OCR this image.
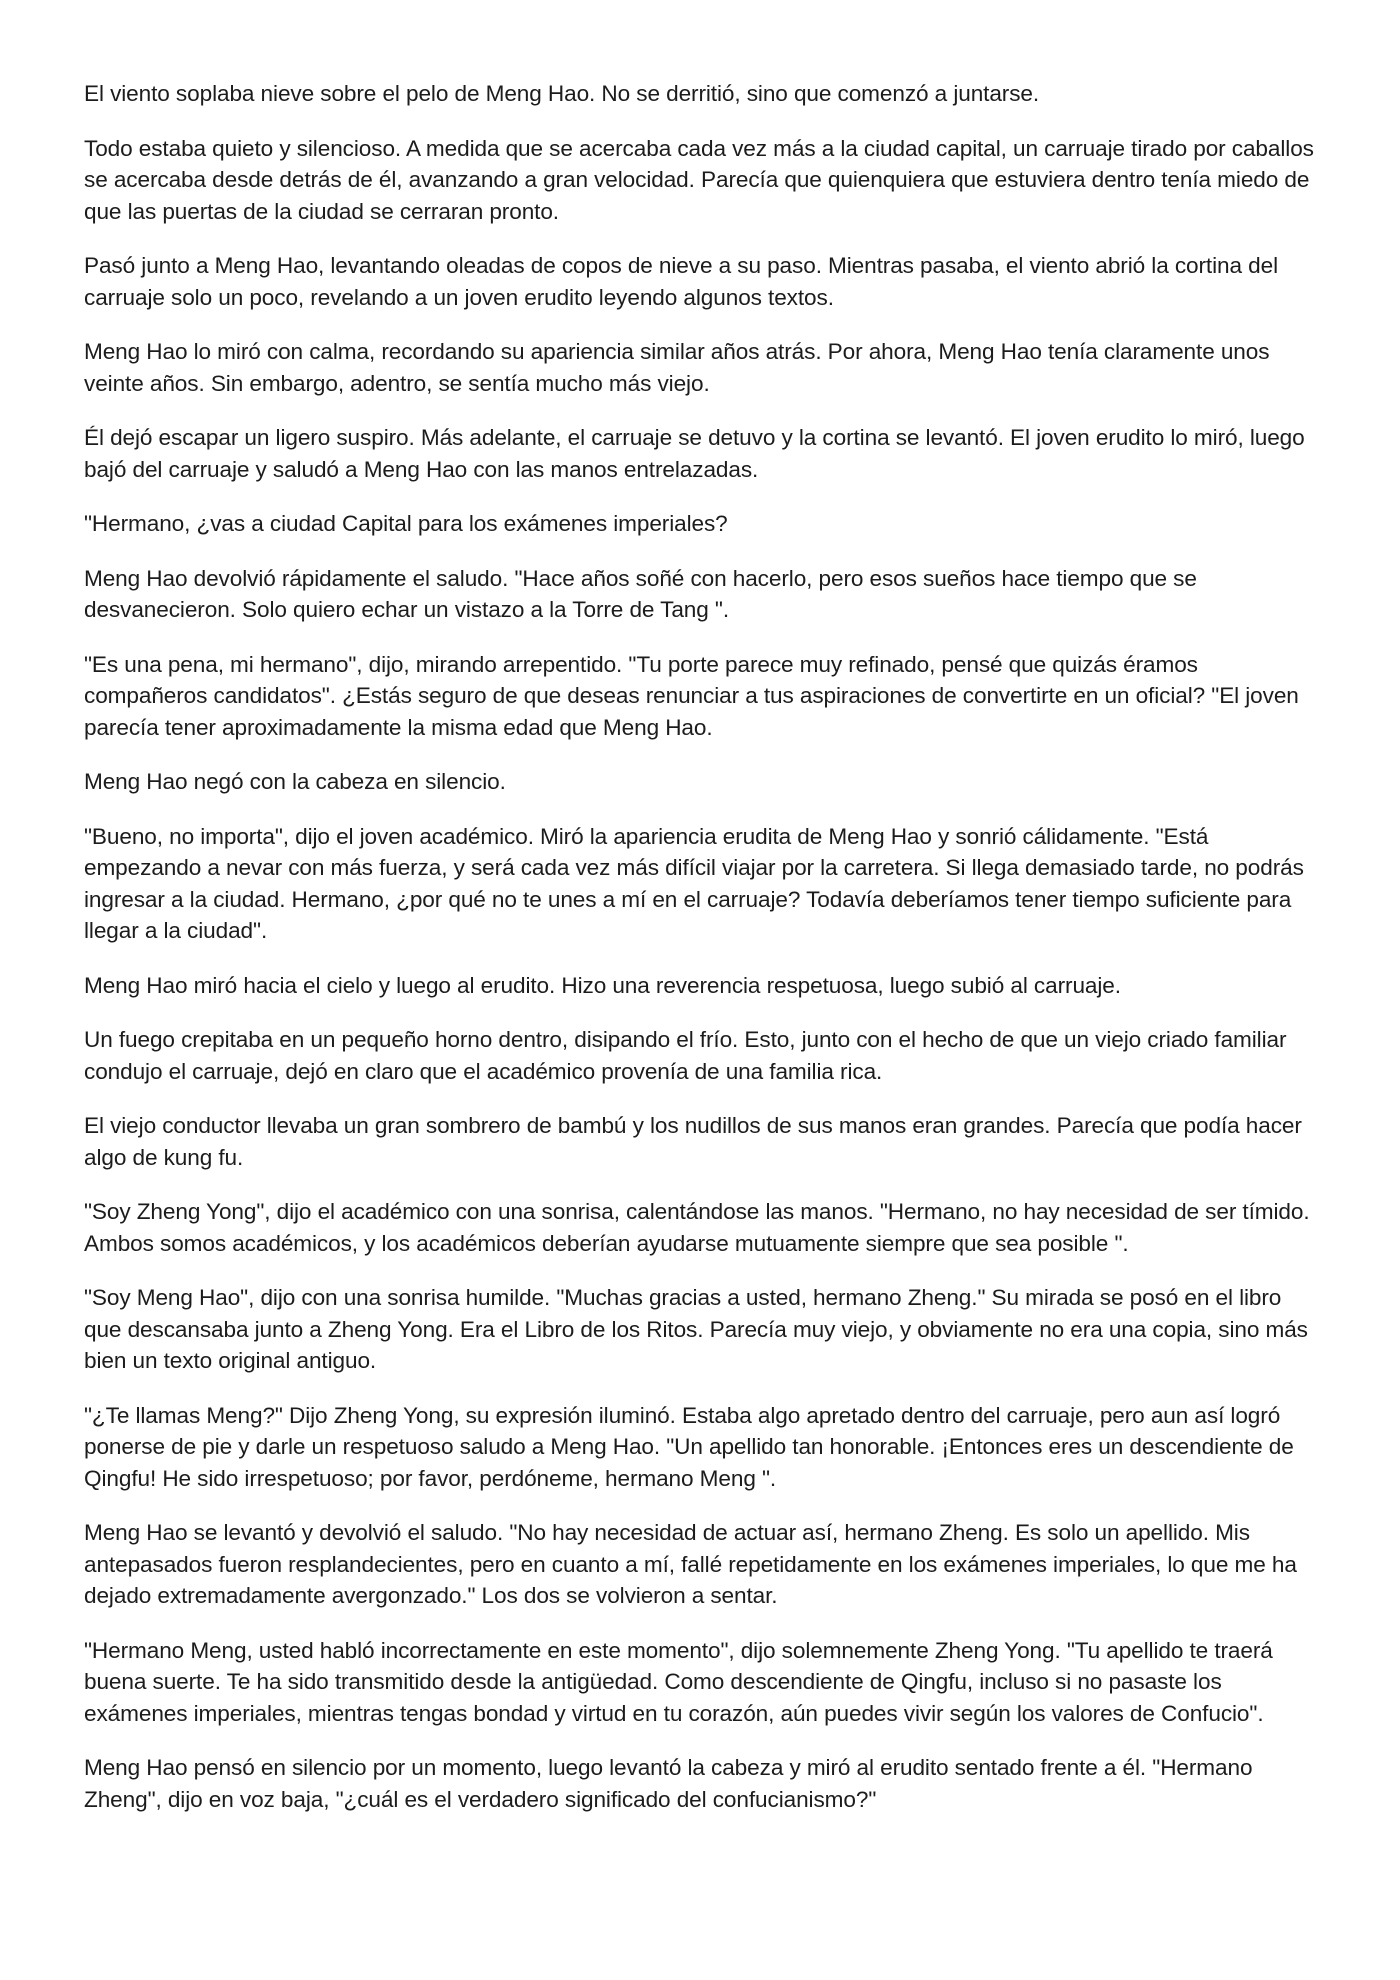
El viento soplaba nieve sobre el pelo de Meng Hao. No se derritió, sino que comenzó a juntarse.

Todo estaba quieto y silencioso. A medida que se acercaba cada vez más a la ciudad capital, un carruaje tirado por caballos se acercaba desde detrás de él, avanzando a gran velocidad. Parecía que quienquiera que estuviera dentro tenía miedo de que las puertas de la ciudad se cerraran pronto.

Pasó junto a Meng Hao, levantando oleadas de copos de nieve a su paso. Mientras pasaba, el viento abrió la cortina del carruaje solo un poco, revelando a un joven erudito leyendo algunos textos.

Meng Hao lo miró con calma, recordando su apariencia similar años atrás. Por ahora, Meng Hao tenía claramente unos veinte años. Sin embargo, adentro, se sentía mucho más viejo.

Él dejó escapar un ligero suspiro. Más adelante, el carruaje se detuvo y la cortina se levantó. El joven erudito lo miró, luego bajó del carruaje y saludó a Meng Hao con las manos entrelazadas.

"Hermano, ¿vas a ciudad Capital para los exámenes imperiales?

Meng Hao devolvió rápidamente el saludo. "Hace años soñé con hacerlo, pero esos sueños hace tiempo que se desvanecieron. Solo quiero echar un vistazo a la Torre de Tang ".

"Es una pena, mi hermano", dijo, mirando arrepentido. "Tu porte parece muy refinado, pensé que quizás éramos compañeros candidatos". ¿Estás seguro de que deseas renunciar a tus aspiraciones de convertirte en un oficial? "El joven parecía tener aproximadamente la misma edad que Meng Hao.

Meng Hao negó con la cabeza en silencio.

"Bueno, no importa", dijo el joven académico. Miró la apariencia erudita de Meng Hao y sonrió cálidamente. "Está empezando a nevar con más fuerza, y será cada vez más difícil viajar por la carretera. Si llega demasiado tarde, no podrás ingresar a la ciudad. Hermano, ¿por qué no te unes a mí en el carruaje? Todavía deberíamos tener tiempo suficiente para llegar a la ciudad".

Meng Hao miró hacia el cielo y luego al erudito. Hizo una reverencia respetuosa, luego subió al carruaje.

Un fuego crepitaba en un pequeño horno dentro, disipando el frío. Esto, junto con el hecho de que un viejo criado familiar condujo el carruaje, dejó en claro que el académico provenía de una familia rica.

El viejo conductor llevaba un gran sombrero de bambú y los nudillos de sus manos eran grandes. Parecía que podía hacer algo de kung fu.

"Soy Zheng Yong", dijo el académico con una sonrisa, calentándose las manos. "Hermano, no hay necesidad de ser tímido. Ambos somos académicos, y los académicos deberían ayudarse mutuamente siempre que sea posible ".

"Soy Meng Hao", dijo con una sonrisa humilde. "Muchas gracias a usted, hermano Zheng." Su mirada se posó en el libro que descansaba junto a Zheng Yong. Era el Libro de los Ritos. Parecía muy viejo, y obviamente no era una copia, sino más bien un texto original antiguo.

"¿Te llamas Meng?" Dijo Zheng Yong, su expresión iluminó. Estaba algo apretado dentro del carruaje, pero aun así logró ponerse de pie y darle un respetuoso saludo a Meng Hao. "Un apellido tan honorable. ¡Entonces eres un descendiente de Qingfu! He sido irrespetuoso; por favor, perdóneme, hermano Meng ".

Meng Hao se levantó y devolvió el saludo. "No hay necesidad de actuar así, hermano Zheng. Es solo un apellido. Mis antepasados fueron resplandecientes, pero en cuanto a mí, fallé repetidamente en los exámenes imperiales, lo que me ha dejado extremadamente avergonzado." Los dos se volvieron a sentar.

"Hermano Meng, usted habló incorrectamente en este momento", dijo solemnemente Zheng Yong. "Tu apellido te traerá buena suerte. Te ha sido transmitido desde la antigüedad. Como descendiente de Qingfu, incluso si no pasaste los exámenes imperiales, mientras tengas bondad y virtud en tu corazón, aún puedes vivir según los valores de Confucio".

Meng Hao pensó en silencio por un momento, luego levantó la cabeza y miró al erudito sentado frente a él. "Hermano Zheng", dijo en voz baja, "¿cuál es el verdadero significado del confucianismo?"
